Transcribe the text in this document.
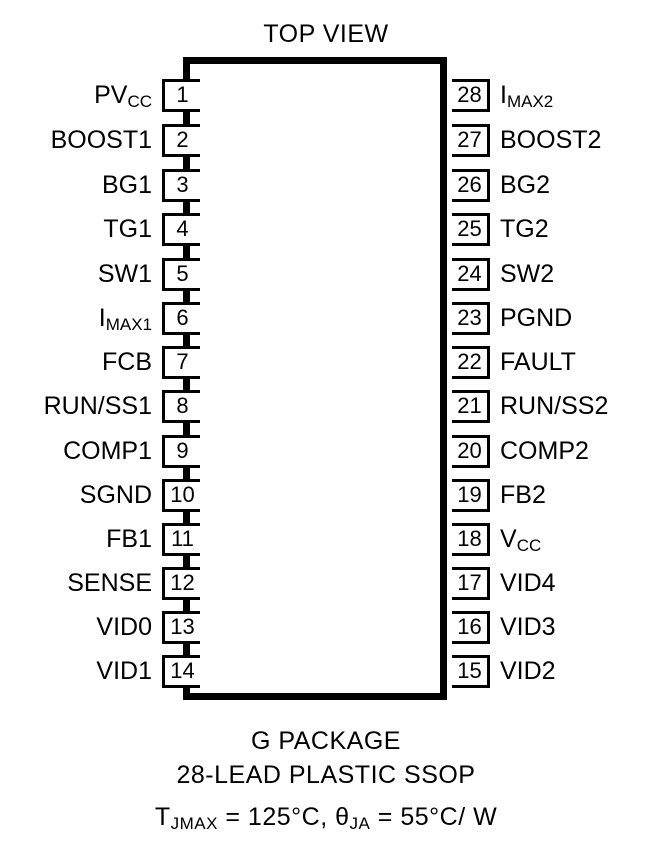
TOP VIEW
$PV_{CC}$	1
BOOST1	2
BG1	3
TG1	4
SW1	5
$I_{MAX1}$	6
FCB	7
RUN/SS1	8
COMP1	9
SGND 10
FB1 11
SENSE 12
VID0 13
VID1 14
28 $I_{MAX2}$
27 BOOST2
26 BG2
25 TG2
24 SW2
23 PGND
22 FAULT
21 RUN/SS2
20 COMP2
19 FB2
18 $V_{CC}$
17 VID4
16 VID3
15 VID2
G PACKAGE
28-LEAD PLASTIC SSOP
$T_{JMAX} = 125^\circ C$, $\theta_{JA} = 55^\circ C/$ W
